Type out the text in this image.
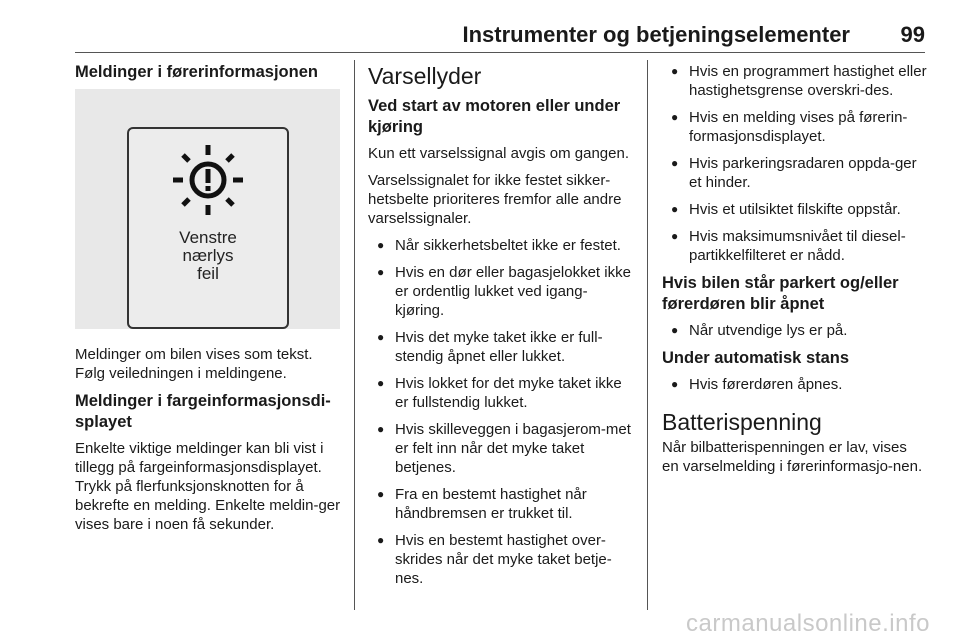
Instrumenter og betjeningselementer 99
Meldinger i førerinformasjonen
Venstre
nærlys
feil

Meldinger om bilen vises som tekst. Følg veiledningen i meldingene.

Meldinger i fargeinformasjonsdi-splayet

Enkelte viktige meldinger kan bli vist i tillegg på fargeinformasjonsdisplayet. Trykk på flerfunksjonsknotten for å bekrefte en melding. Enkelte meldin-ger vises bare i noen få sekunder.

Varsellyder
Ved start av motoren eller under kjøring

Kun ett varselssignal avgis om gangen.

Varselssignalet for ikke festet sikker-hetsbelte prioriteres fremfor alle andre varselssignaler.

● Når sikkerhetsbeltet ikke er festet.
● Hvis en dør eller bagasjelokket ikke er ordentlig lukket ved igang-kjøring.
● Hvis det myke taket ikke er full-stendig åpnet eller lukket.
● Hvis lokket for det myke taket ikke er fullstendig lukket.
● Hvis skilleveggen i bagasjerom-met er felt inn når det myke taket betjenes.
● Fra en bestemt hastighet når håndbremsen er trukket til.
● Hvis en bestemt hastighet over-skrides når det myke taket betje-nes.
● Hvis en programmert hastighet eller hastighetsgrense overskri-des.
● Hvis en melding vises på førerin-formasjonsdisplayet.
● Hvis parkeringsradaren oppda-ger et hinder.
● Hvis et utilsiktet filskifte oppstår.
● Hvis maksimumsnivået til diesel-partikkelfilteret er nådd.
Hvis bilen står parkert og/eller førerdøren blir åpnet
● Når utvendige lys er på.
Under automatisk stans
● Hvis førerdøren åpnes.
Batterispenning

Når bilbatterispenningen er lav, vises en varselmelding i førerinformasjo-nen.

carmanualsonline.info
